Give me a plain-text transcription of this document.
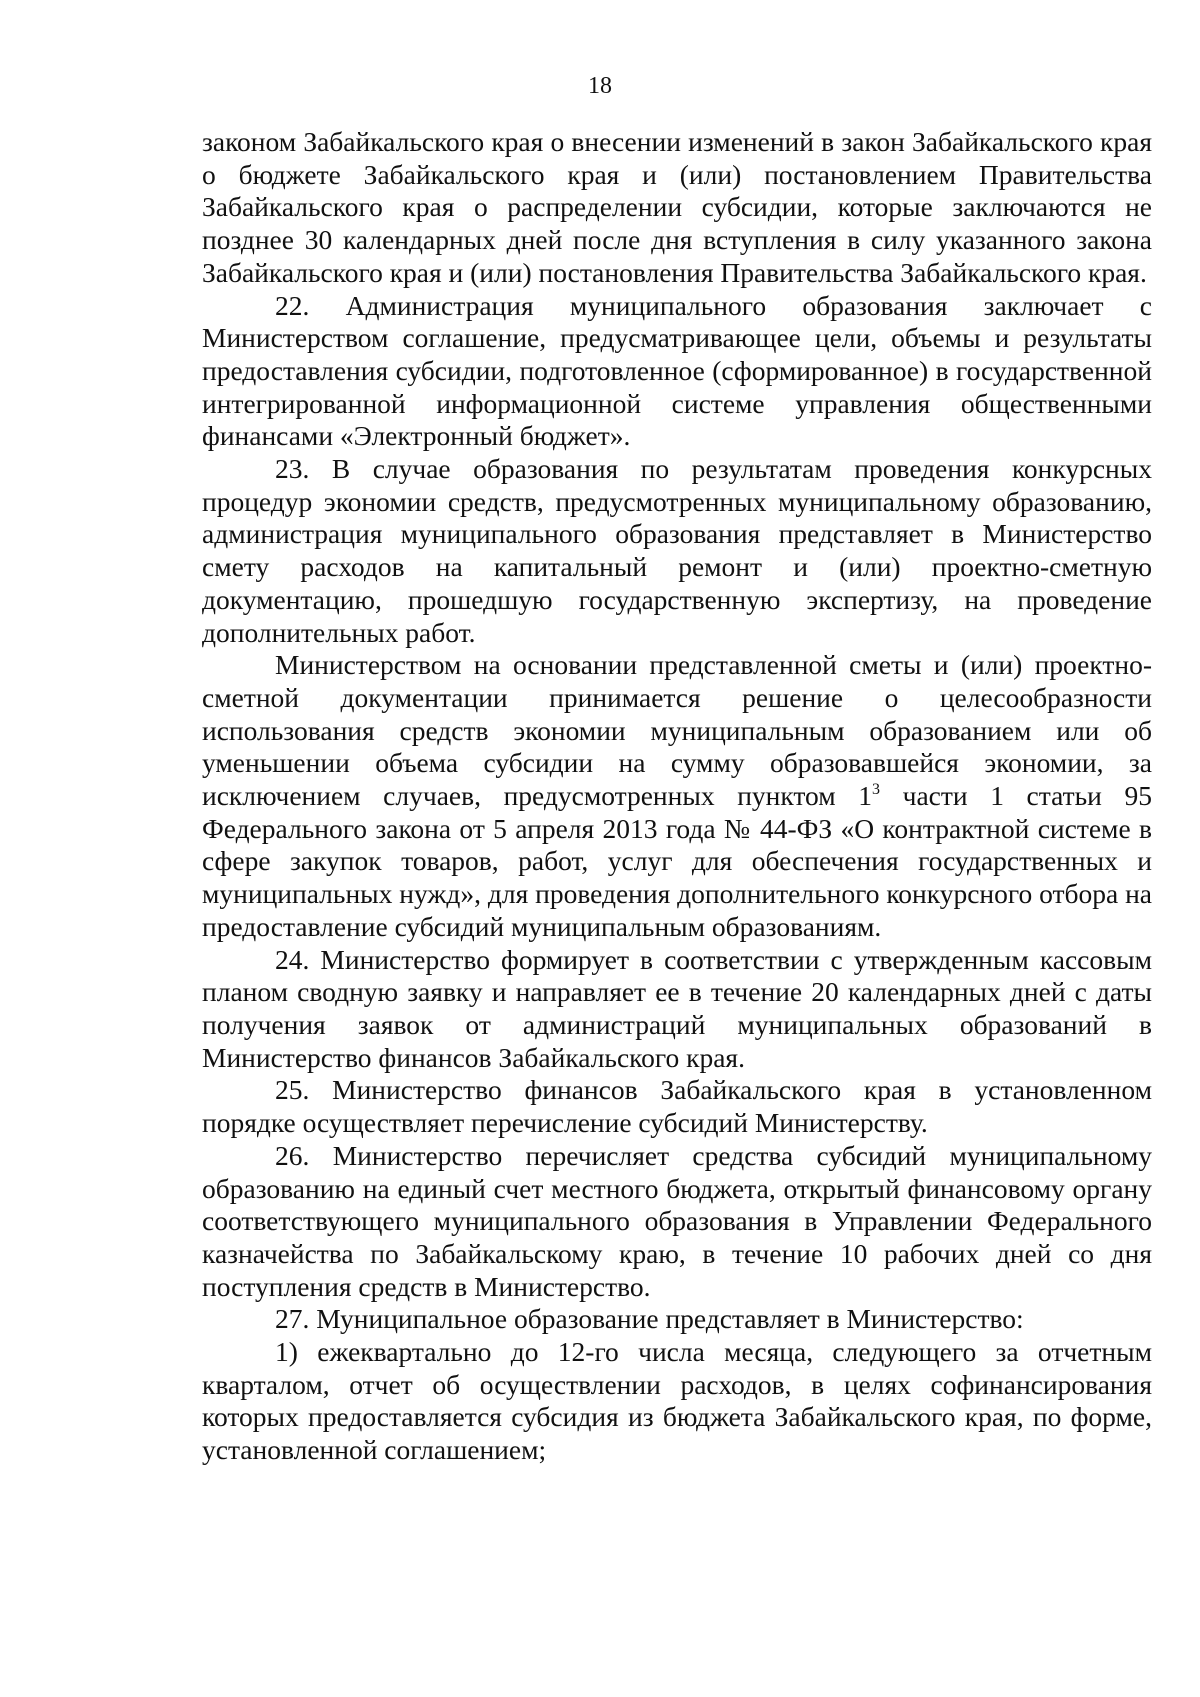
18

законом Забайкальского края о внесении изменений в закон Забайкальского края о бюджете Забайкальского края и (или) постановлением Правительства Забайкальского края о распределении субсидии, которые заключаются не позднее 30 календарных дней после дня вступления в силу указанного закона Забайкальского края и (или) постановления Правительства Забайкальского края.

22. Администрация муниципального образования заключает с Министерством соглашение, предусматривающее цели, объемы и результаты предоставления субсидии, подготовленное (сформированное) в государственной интегрированной информационной системе управления общественными финансами «Электронный бюджет».

23. В случае образования по результатам проведения конкурсных процедур экономии средств, предусмотренных муниципальному образованию, администрация муниципального образования представляет в Министерство смету расходов на капитальный ремонт и (или) проектно-сметную документацию, прошедшую государственную экспертизу, на проведение дополнительных работ.

Министерством на основании представленной сметы и (или) проектно-сметной документации принимается решение о целесообразности использования средств экономии муниципальным образованием или об уменьшении объема субсидии на сумму образовавшейся экономии, за исключением случаев, предусмотренных пунктом $1^3$ части 1 статьи 95 Федерального закона от 5 апреля 2013 года № 44-ФЗ «О контрактной системе в сфере закупок товаров, работ, услуг для обеспечения государственных и муниципальных нужд», для проведения дополнительного конкурсного отбора на предоставление субсидий муниципальным образованиям.

24. Министерство формирует в соответствии с утвержденным кассовым планом сводную заявку и направляет ее в течение 20 календарных дней с даты получения заявок от администраций муниципальных образований в Министерство финансов Забайкальского края.

25. Министерство финансов Забайкальского края в установленном порядке осуществляет перечисление субсидий Министерству.

26. Министерство перечисляет средства субсидий муниципальному образованию на единый счет местного бюджета, открытый финансовому органу соответствующего муниципального образования в Управлении Федерального казначейства по Забайкальскому краю, в течение 10 рабочих дней со дня поступления средств в Министерство.

27. Муниципальное образование представляет в Министерство:

1) ежеквартально до 12-го числа месяца, следующего за отчетным кварталом, отчет об осуществлении расходов, в целях софинансирования которых предоставляется субсидия из бюджета Забайкальского края, по форме, установленной соглашением;
